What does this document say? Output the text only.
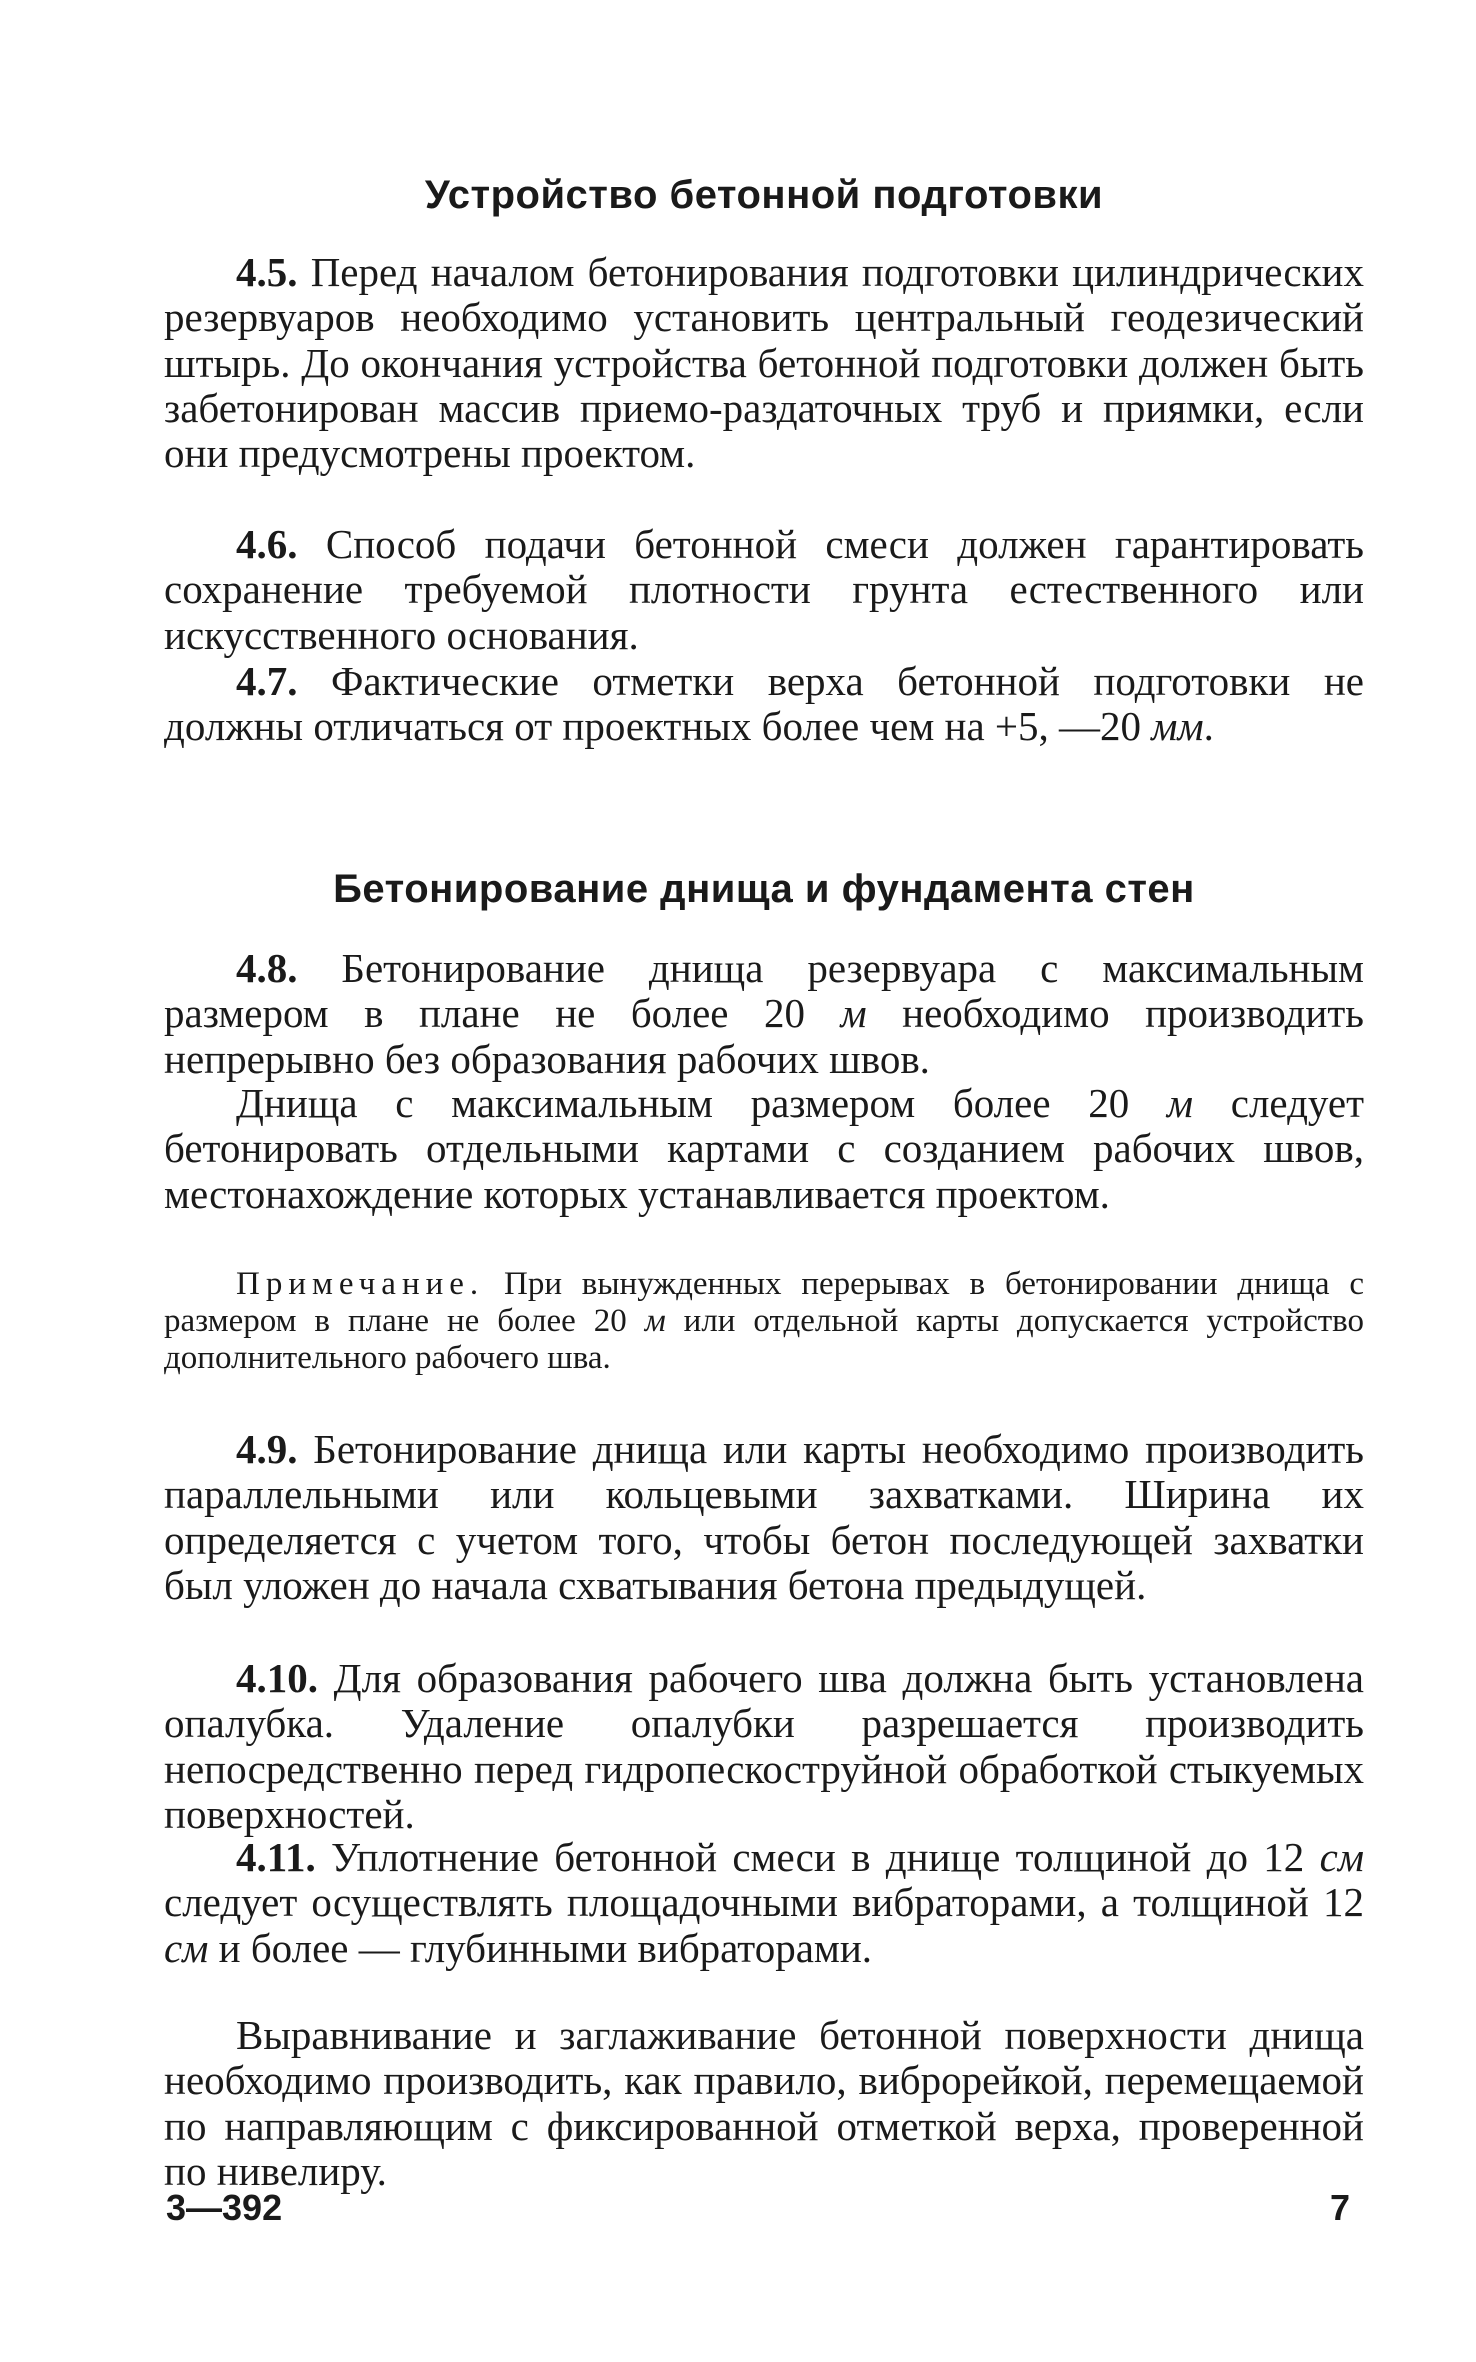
Устройство бетонной подготовки
4.5. Перед началом бетонирования подготовки цилиндрических резервуаров необходимо установить центральный геодезический штырь. До окончания устройства бетонной подготовки должен быть забетонирован массив приемо-раздаточных труб и приямки, если они предусмотрены проектом.
4.6. Способ подачи бетонной смеси должен гарантировать сохранение требуемой плотности грунта естественного или искусственного основания.
4.7. Фактические отметки верха бетонной подготовки не должны отличаться от проектных более чем на +5, —20 мм.
Бетонирование днища и фундамента стен
4.8. Бетонирование днища резервуара с максимальным размером в плане не более 20 м необходимо производить непрерывно без образования рабочих швов.
Днища с максимальным размером более 20 м следует бетонировать отдельными картами с созданием рабочих швов, местонахождение которых устанавливается проектом.
Примечание. При вынужденных перерывах в бетонировании днища с размером в плане не более 20 м или отдельной карты допускается устройство дополнительного рабочего шва.
4.9. Бетонирование днища или карты необходимо производить параллельными или кольцевыми захватками. Ширина их определяется с учетом того, чтобы бетон последующей захватки был уложен до начала схватывания бетона предыдущей.
4.10. Для образования рабочего шва должна быть установлена опалубка. Удаление опалубки разрешается производить непосредственно перед гидропескоструйной обработкой стыкуемых поверхностей.
4.11. Уплотнение бетонной смеси в днище толщиной до 12 см следует осуществлять площадочными вибраторами, а толщиной 12 см и более — глубинными вибраторами.
Выравнивание и заглаживание бетонной поверхности днища необходимо производить, как правило, виброрейкой, перемещаемой по направляющим с фиксированной отметкой верха, проверенной по нивелиру.
3—392	7
